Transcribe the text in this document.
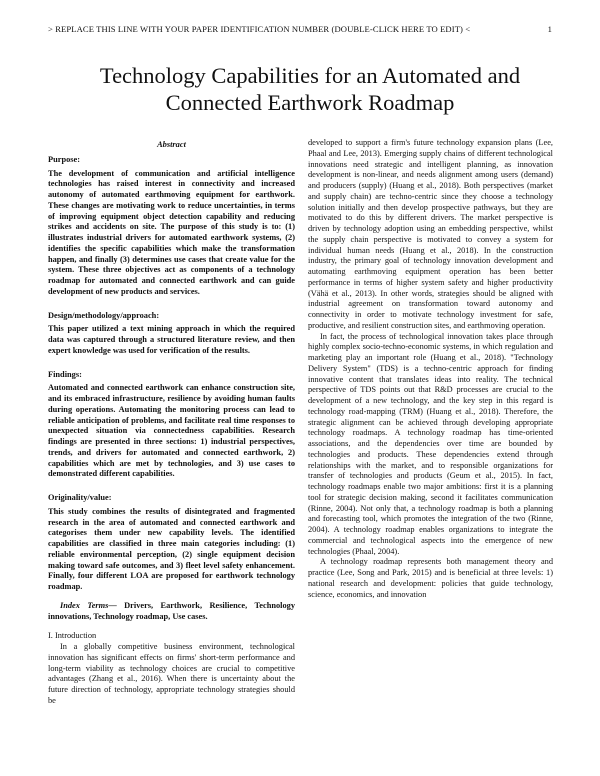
> REPLACE THIS LINE WITH YOUR PAPER IDENTIFICATION NUMBER (DOUBLE-CLICK HERE TO EDIT) <	1
Technology Capabilities for an Automated and
Connected Earthwork Roadmap

Abstract

Purpose:

The development of communication and artificial intelligence technologies has raised interest in connectivity and increased autonomy of automated earthmoving equipment for earthwork. These changes are motivating work to reduce uncertainties, in terms of improving equipment object detection capability and reducing strikes and accidents on site. The purpose of this study is to: (1) illustrates industrial drivers for automated earthwork systems, (2) identifies the specific capabilities which make the transformation happen, and finally (3) determines use cases that create value for the system. These three objectives act as components of a technology roadmap for automated and connected earthwork and can guide development of new products and services.

Design/methodology/approach:

This paper utilized a text mining approach in which the required data was captured through a structured literature review, and then expert knowledge was used for verification of the results.

Findings:

Automated and connected earthwork can enhance construction site, and its embraced infrastructure, resilience by avoiding human faults during operations. Automating the monitoring process can lead to reliable anticipation of problems, and facilitate real time responses to unexpected situation via connectedness capabilities. Research findings are presented in three sections: 1) industrial perspectives, trends, and drivers for automated and connected earthwork, 2) capabilities which are met by technologies, and 3) use cases to demonstrated different capabilities.

Originality/value:

This study combines the results of disintegrated and fragmented research in the area of automated and connected earthwork and categorises them under new capability levels. The identified capabilities are classified in three main categories including: (1) reliable environmental perception, (2) single equipment decision making toward safe outcomes, and 3) fleet level safety enhancement. Finally, four different LOA are proposed for earthwork technology roadmap.

Index Terms— Drivers, Earthwork, Resilience, Technology innovations, Technology roadmap, Use cases.

I. Introduction

In a globally competitive business environment, technological innovation has significant effects on firms' short-term performance and long-term viability as technology choices are crucial to competitive advantages (Zhang et al., 2016). When there is uncertainty about the future direction of technology, appropriate technology strategies should be

developed to support a firm's future technology expansion plans (Lee, Phaal and Lee, 2013). Emerging supply chains of different technological innovations need strategic and intelligent planning, as innovation development is non-linear, and needs alignment among users (demand) and producers (supply) (Huang et al., 2018). Both perspectives (market and supply chain) are techno-centric since they choose a technology solution initially and then develop prospective pathways, but they are motivated to do this by different drivers. The market perspective is driven by technology adoption using an embedding perspective, whilst the supply chain perspective is motivated to convey a system for individual human needs (Huang et al., 2018). In the construction industry, the primary goal of technology innovation development and automating earthmoving equipment operation has been better performance in terms of higher system safety and higher productivity (Vähä et al., 2013). In other words, strategies should be aligned with industrial agreement on transformation toward autonomy and connectivity in order to motivate technology investment for safe, productive, and resilient construction sites, and earthmoving operation.

In fact, the process of technological innovation takes place through highly complex socio-techno-economic systems, in which regulation and marketing play an important role (Huang et al., 2018). "Technology Delivery System" (TDS) is a techno-centric approach for finding innovative content that translates ideas into reality. The technical perspective of TDS points out that R&D processes are crucial to the development of a new technology, and the key step in this regard is technology road-mapping (TRM) (Huang et al., 2018). Therefore, the strategic alignment can be achieved through developing appropriate technology roadmaps. A technology roadmap has time-oriented associations, and the dependencies over time are bounded by technologies and products. These dependencies extend through relationships with the market, and to responsible organizations for transfer of technologies and products (Geum et al., 2015). In fact, technology roadmaps enable two major ambitions: first it is a planning tool for strategic decision making, second it facilitates communication (Rinne, 2004). Not only that, a technology roadmap is both a planning and forecasting tool, which promotes the integration of the two (Rinne, 2004). A technology roadmap enables organizations to integrate the commercial and technological aspects into the emergence of new technologies (Phaal, 2004).

A technology roadmap represents both management theory and practice (Lee, Song and Park, 2015) and is beneficial at three levels: 1) national research and development: policies that guide technology, science, economics, and innovation
